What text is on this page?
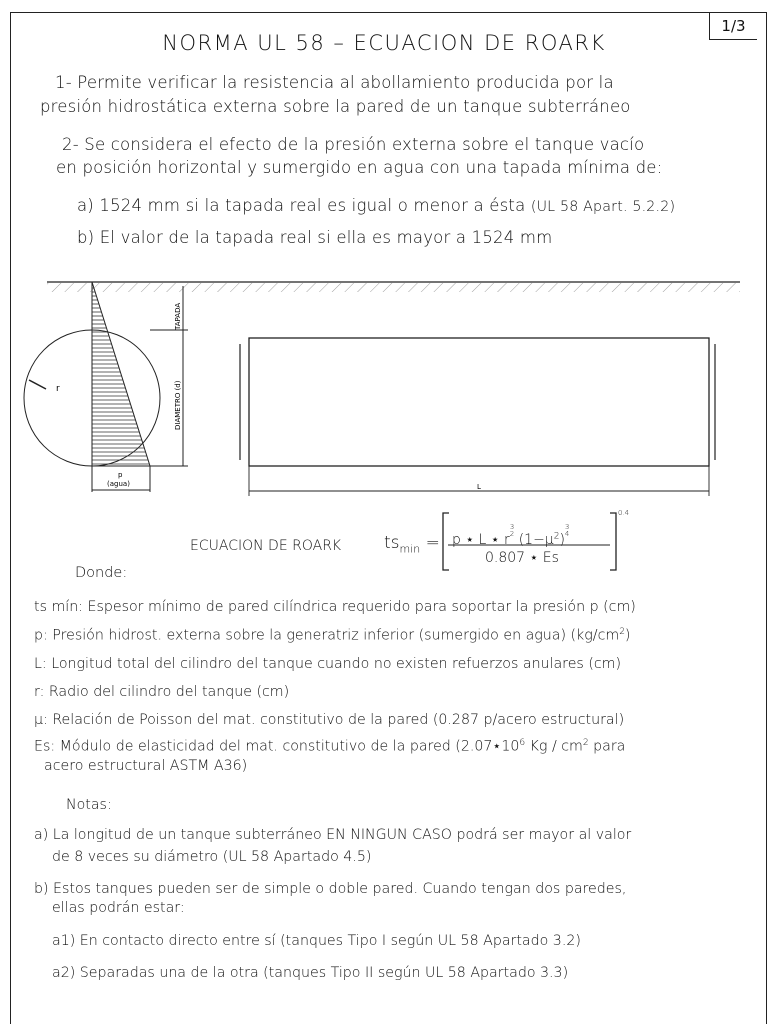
1/3
NORMA UL 58 – ECUACION DE ROARK
1- Permite verificar la resistencia al abollamiento producida por la
presión hidrostática externa sobre la pared de un tanque subterráneo
2- Se considera el efecto de la presión externa sobre el tanque vacío
en posición horizontal y sumergido en agua con una tapada mínima de:
a) 1524 mm si la tapada real es igual o menor a ésta (UL 58 Apart. 5.2.2)
b) El valor de la tapada real si ella es mayor a 1524 mm
TAPADA
DIAMETRO (d)
r
p
(agua)	L
ECUACION DE ROARK	$ts_{min} = p$ ⋆ L ⋆ r3
2 $(1-\mu^2)3$
4
0.807 ⋆ Es
0.4
Donde:
ts mín: Espesor mínimo de pared cilíndrica requerido para soportar la presión p (cm)
p: Presión hidrost. externa sobre la generatriz inferior (sumergido en agua) $(kg/cm^2)$
L: Longitud total del cilindro del tanque cuando no existen refuerzos anulares (cm)
r: Radio del cilindro del tanque (cm)
μ: Relación de Poisson del mat. constitutivo de la pared (0.287 p/acero estructural)
Es: Módulo de elasticidad del mat. constitutivo de la pared ($2.07⋆10^6$ Kg / $cm^2$ para
acero estructural ASTM A36)
Notas:
a) La longitud de un tanque subterráneo EN NINGUN CASO podrá ser mayor al valor
de 8 veces su diámetro (UL 58 Apartado 4.5)
b) Estos tanques pueden ser de simple o doble pared. Cuando tengan dos paredes,
ellas podrán estar:
a1) En contacto directo entre sí (tanques Tipo I según UL 58 Apartado 3.2)
a2) Separadas una de la otra (tanques Tipo II según UL 58 Apartado 3.3)
